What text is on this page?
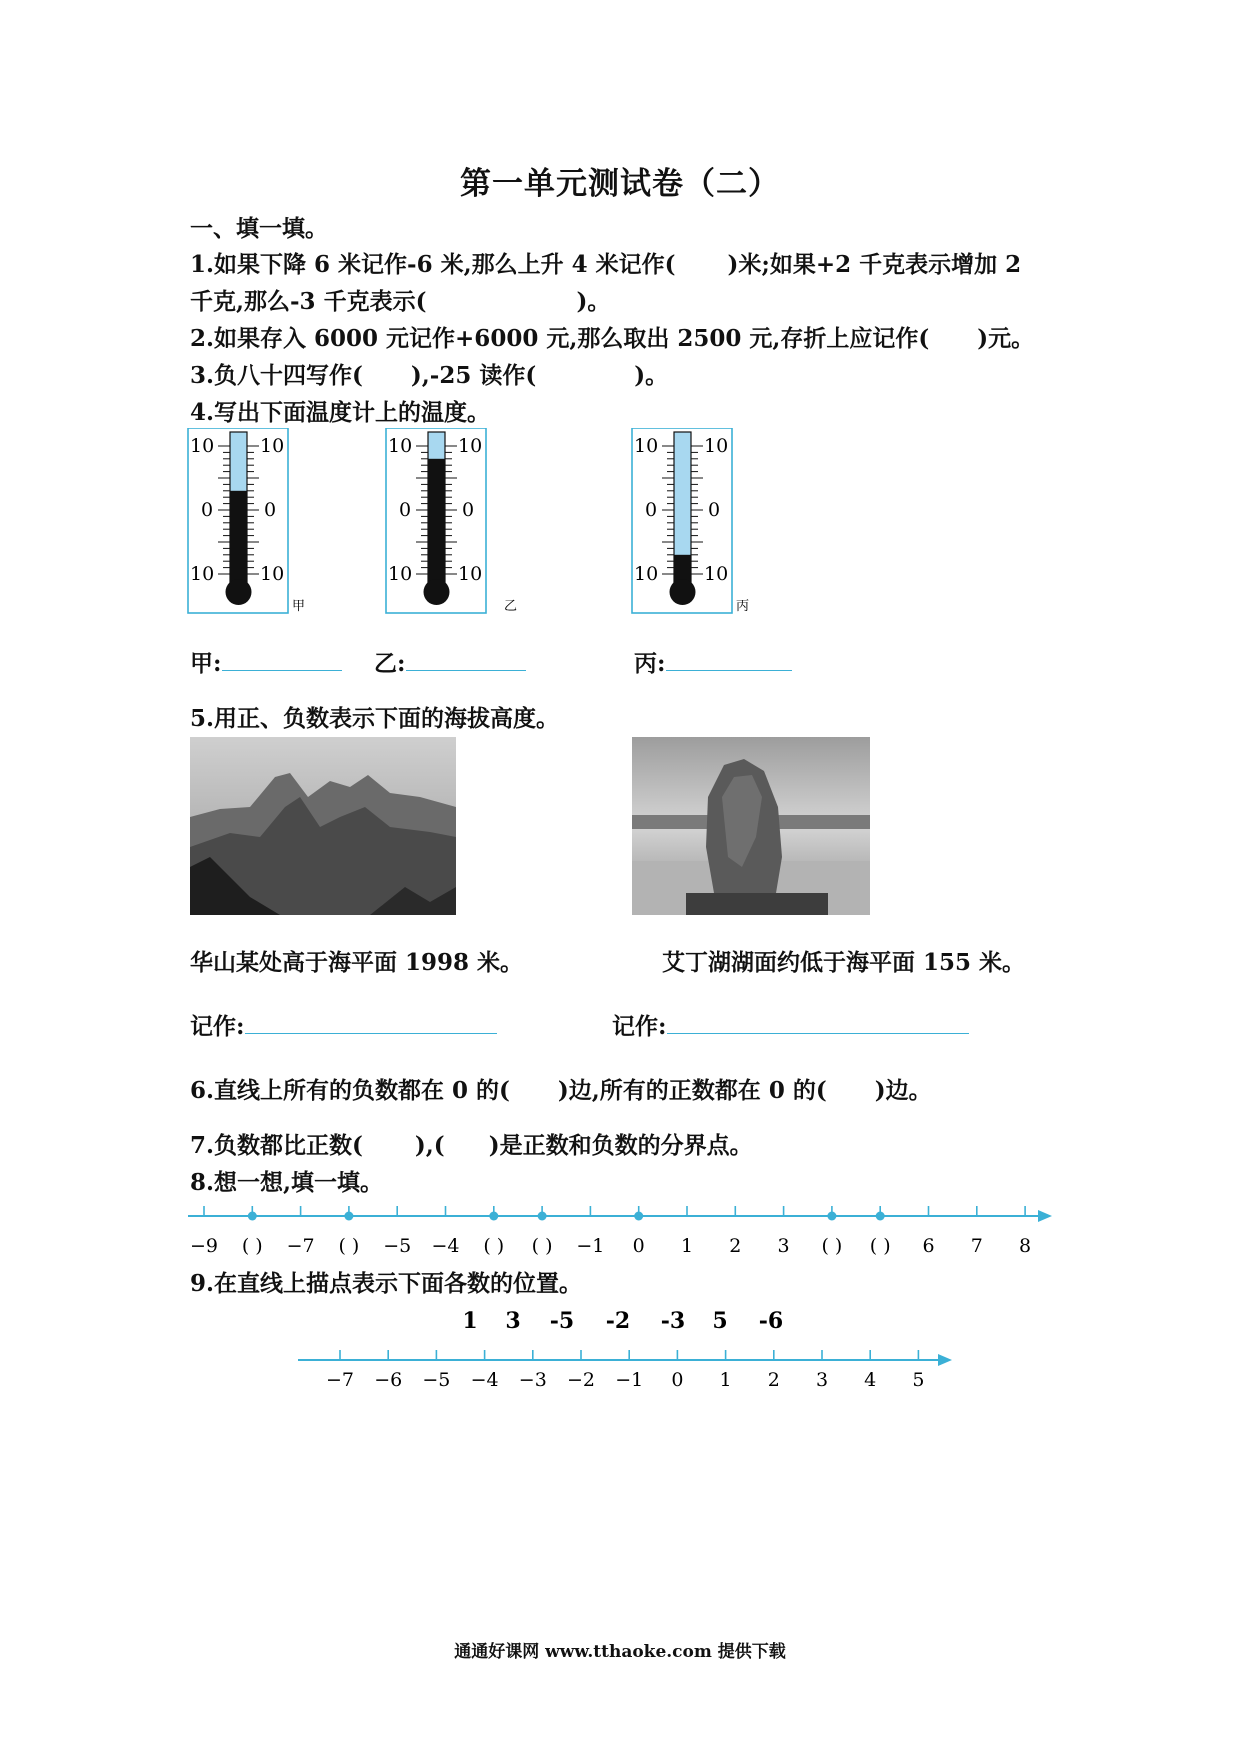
第一单元测试卷（二）
一、填一填。
1.如果下降 6 米记作-6 米,那么上升 4 米记作( )米;如果+2 千克表示增加 2
千克,那么-3 千克表示(	)。
2.如果存入 6000 元记作+6000 元,那么取出 2500 元,存折上应记作( )元。
3.负八十四写作( ),-25 读作(	)。
4.写出下面温度计上的温度。
10 10
0	0
10 10
甲
10 10
0	0
10 10
乙
10 10
0	0
10 10
丙
甲:	乙:	丙:
5.用正、负数表示下面的海拔高度。
华山某处高于海平面 1998 米。	艾丁湖湖面约低于海平面 155 米。
记作:	记作:
6.直线上所有的负数都在 0 的( )边,所有的正数都在 0 的( )边。
7.负数都比正数( ),( )是正数和负数的分界点。
8.想一想,填一填。
−9 ( ) −7 ( ) −5 −4 ( ) ( ) −1 0 1 2 3 ( ) ( ) 6 7 8
9.在直线上描点表示下面各数的位置。
1 3 -5 -2 -3 5 -6
−7 −6 −5 −4 −3 −2 −1 0 1 2 3 4 5
通通好课网 www.tthaoke.com 提供下载
